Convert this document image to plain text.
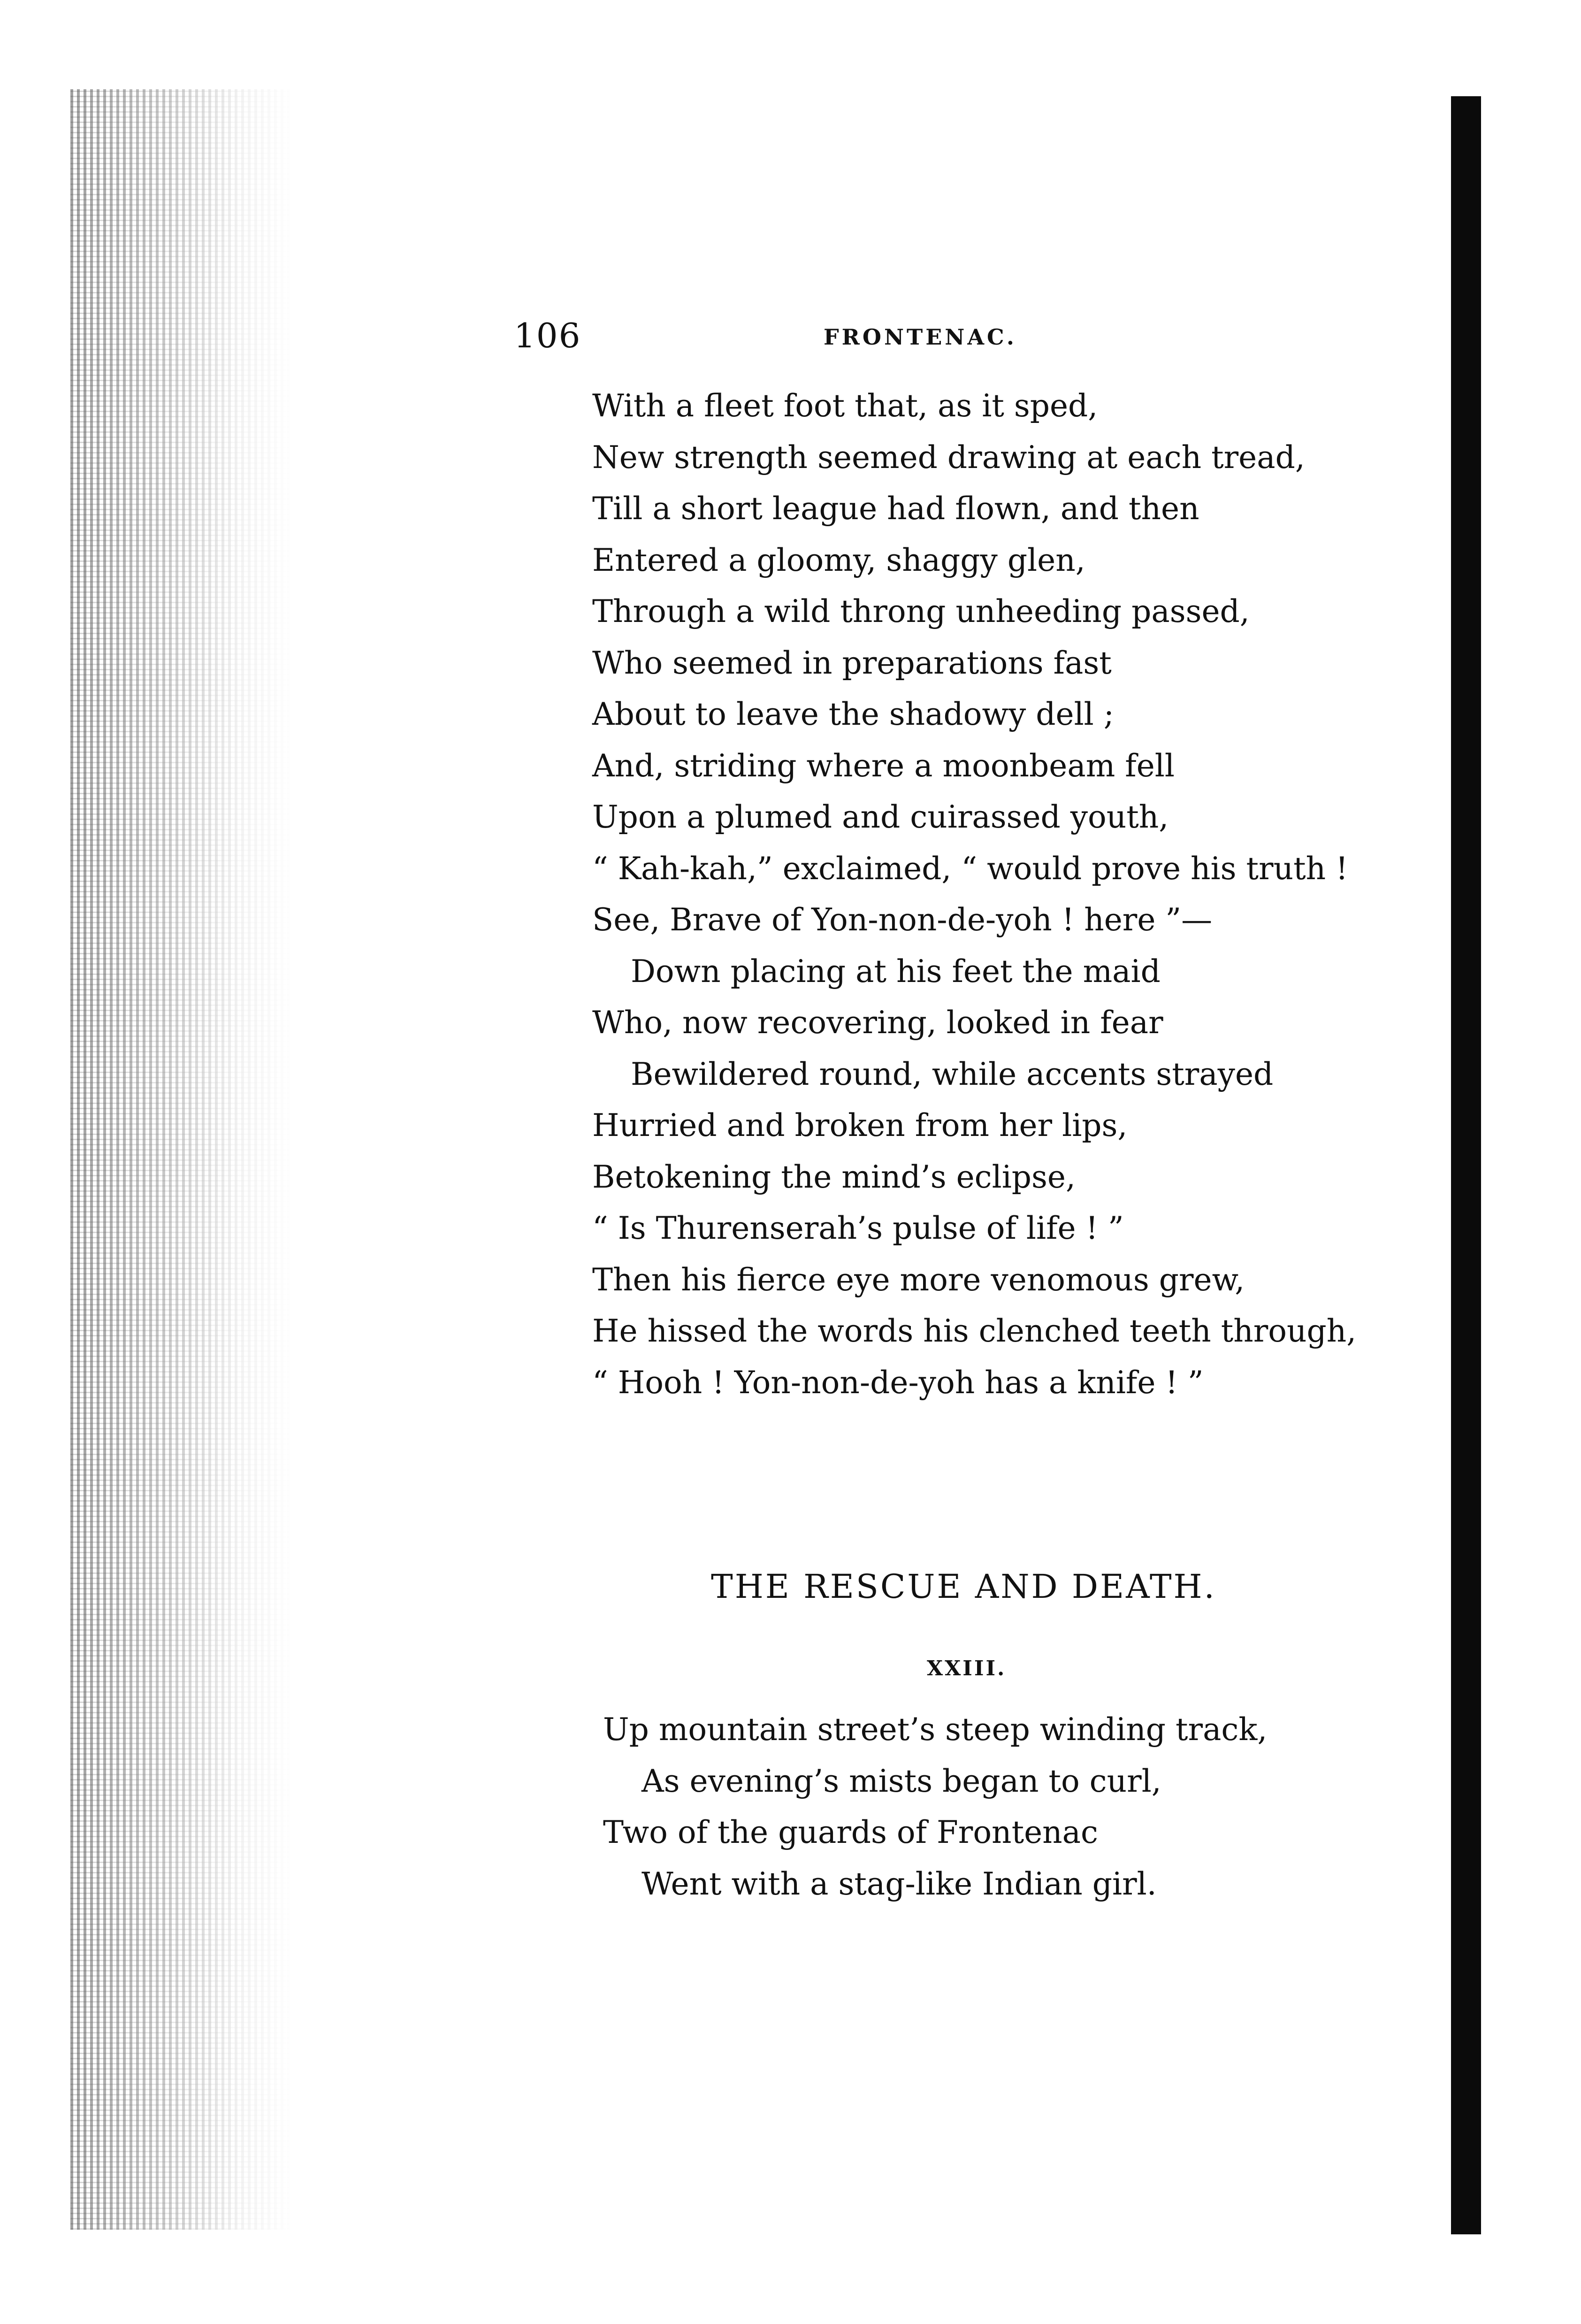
106	FRONTENAC.
With a fleet foot that, as it sped,
New strength seemed drawing at each tread,
Till a short league had flown, and then
Entered a gloomy, shaggy glen,
Through a wild throng unheeding passed,
Who seemed in preparations fast
About to leave the shadowy dell ;
And, striding where a moonbeam fell
Upon a plumed and cuirassed youth,
“ Kah-kah,” exclaimed, “ would prove his truth !
See, Brave of Yon-non-de-yoh ! here ”—
Down placing at his feet the maid
Who, now recovering, looked in fear
Bewildered round, while accents strayed
Hurried and broken from her lips,
Betokening the mind’s eclipse,
“ Is Thurenserah’s pulse of life ! ”
Then his fierce eye more venomous grew,
He hissed the words his clenched teeth through,
“ Hooh ! Yon-non-de-yoh has a knife ! ”
THE RESCUE AND DEATH.
XXIII.
Up mountain street’s steep winding track,
As evening’s mists began to curl,
Two of the guards of Frontenac
Went with a stag-like Indian girl.
